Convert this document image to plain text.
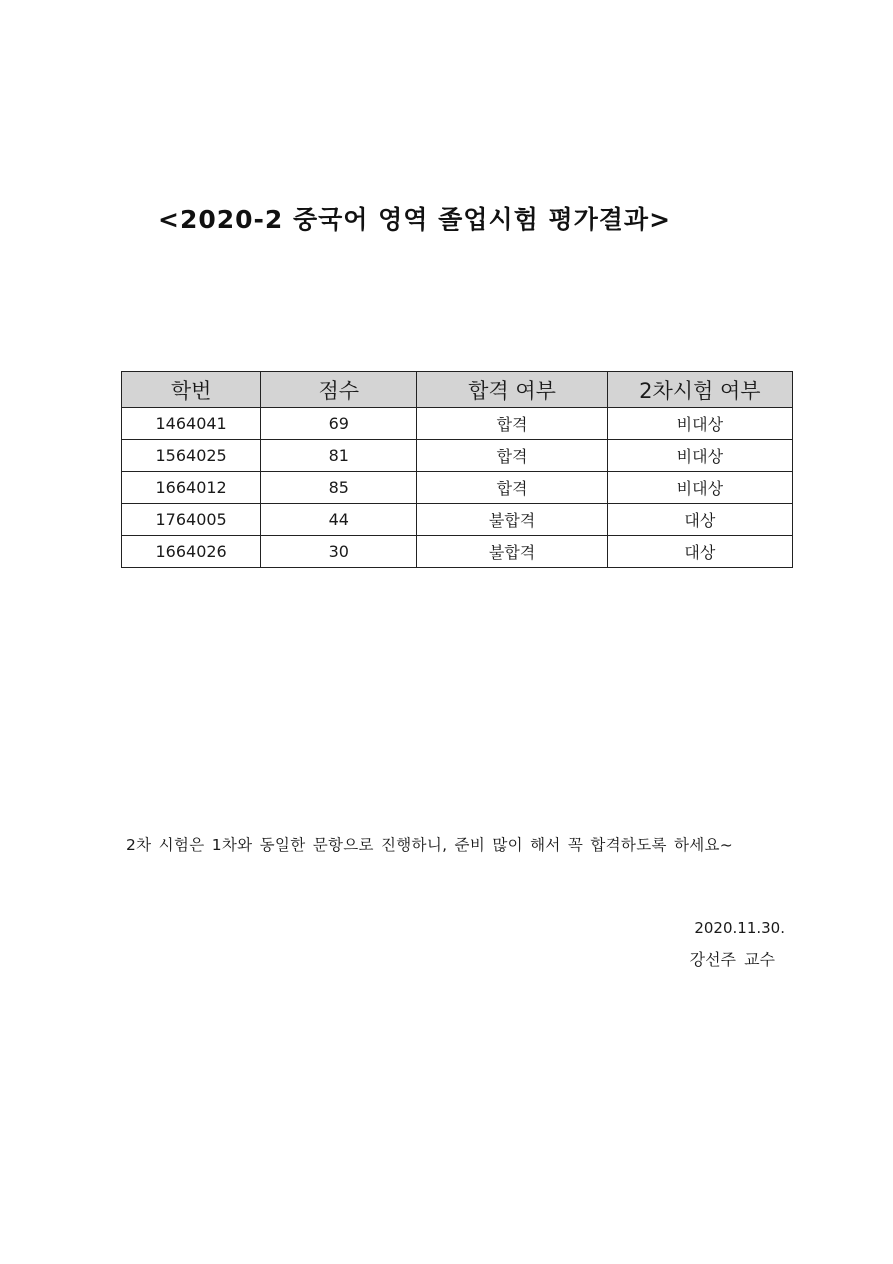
<2020-2 중국어 영역 졸업시험 평가결과>
학번	점수	합격 여부	2차시험 여부
1464041	69	합격	비대상
1564025	81	합격	비대상
1664012	85	합격	비대상
1764005	44	불합격	대상
1664026	30	불합격	대상
2차 시험은 1차와 동일한 문항으로 진행하니, 준비 많이 해서 꼭 합격하도록 하세요~
2020.11.30.
강선주 교수
